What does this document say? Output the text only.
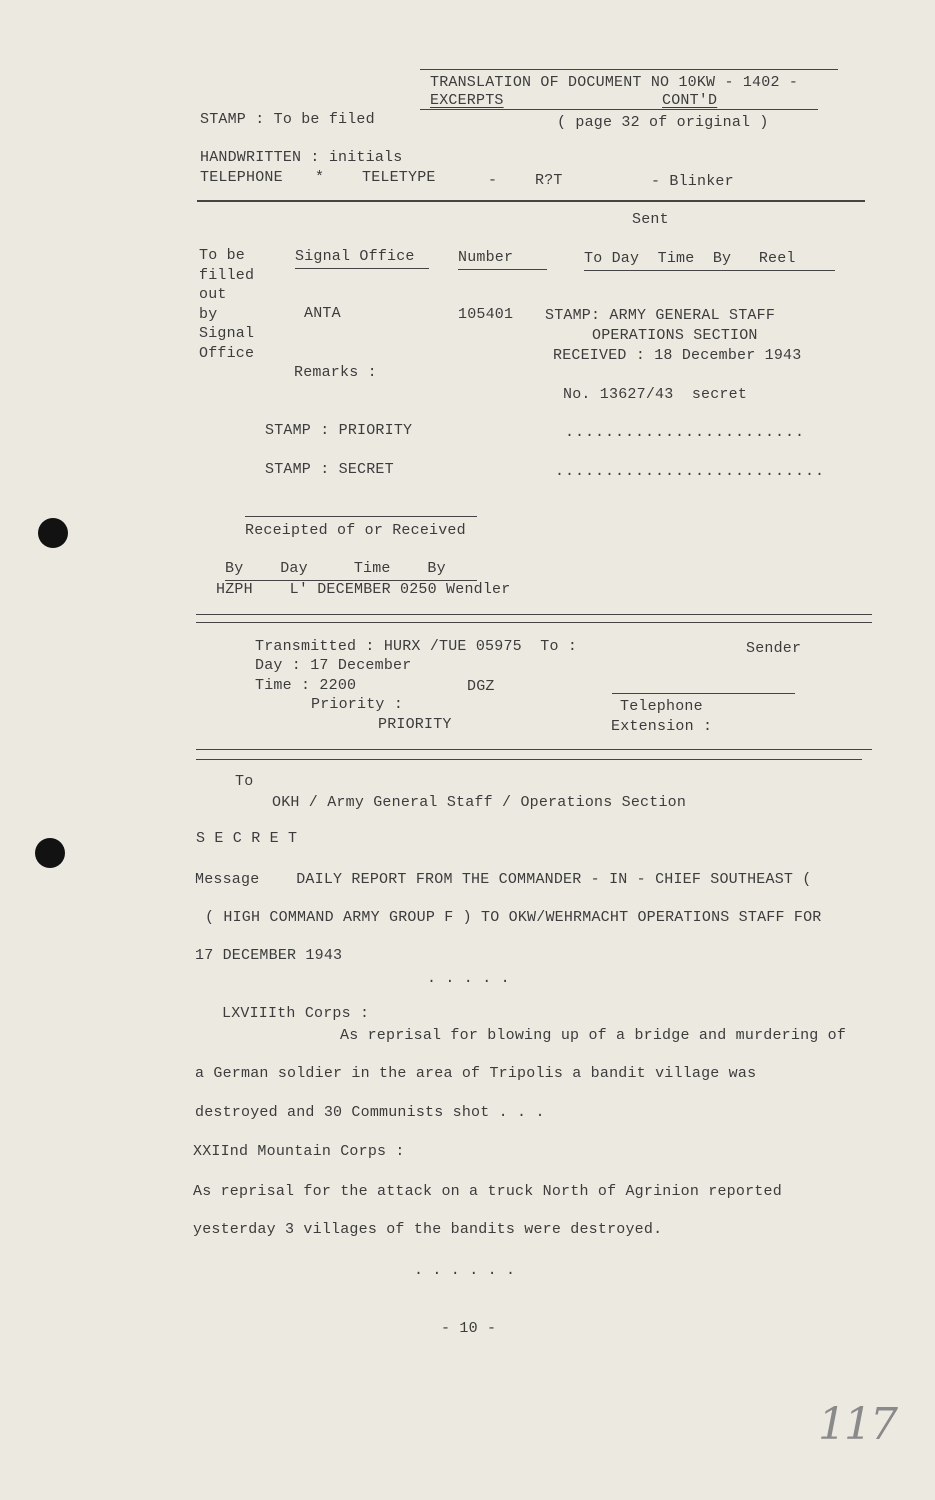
TRANSLATION OF DOCUMENT NO 10KW - 1402 -
EXCERPTS	CONT'D
STAMP : To be filed	( page 32 of original )
HANDWRITTEN : initials
TELEPHONE *	TELETYPE	-	R?T	- Blinker
Sent
To be
filled
out
by
Signal
Office
Signal Office	Number	To Day  Time  By   Reel
ANTA	105401 STAMP: ARMY GENERAL STAFF
OPERATIONS SECTION
RECEIVED : 18 December 1943
Remarks :
No. 13627/43  secret
STAMP : PRIORITY	........................
STAMP : SECRET	...........................
Receipted of or Received
By    Day     Time    By
HZPH    L' DECEMBER 0250 Wendler
Transmitted : HURX /TUE 05975  To :	Sender
Day : 17 December
Time : 2200	DGZ
Priority :	Telephone
PRIORITY	Extension :
To
OKH / Army General Staff / Operations Section
S E C R E T
Message    DAILY REPORT FROM THE COMMANDER - IN - CHIEF SOUTHEAST (
( HIGH COMMAND ARMY GROUP F ) TO OKW/WEHRMACHT OPERATIONS STAFF FOR
17 DECEMBER 1943
. . . . .
LXVIIIth Corps :
As reprisal for blowing up of a bridge and murdering of
a German soldier in the area of Tripolis a bandit village was
destroyed and 30 Communists shot . . .
XXIInd Mountain Corps :
As reprisal for the attack on a truck North of Agrinion reported
yesterday 3 villages of the bandits were destroyed.
. . . . . .
- 10 -
117
